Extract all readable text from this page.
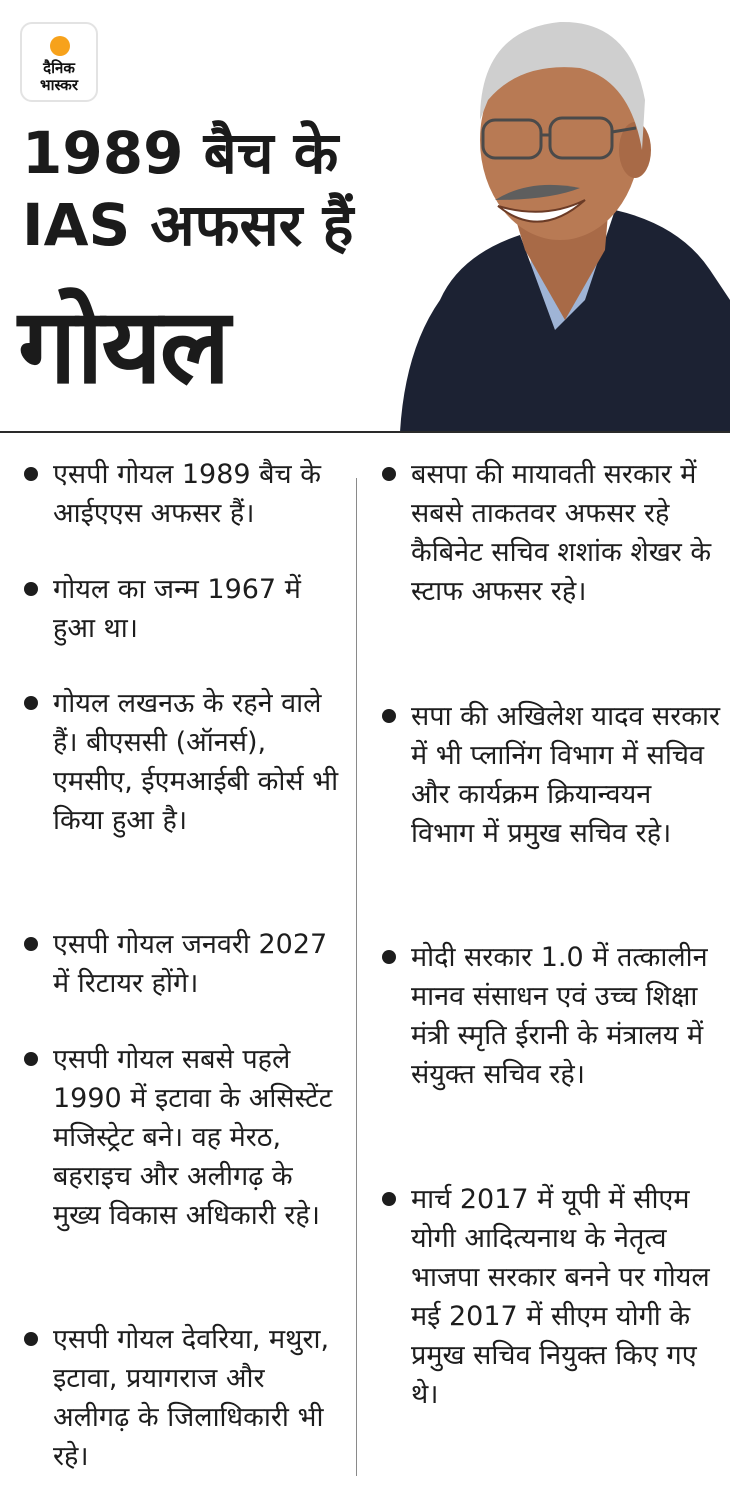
दैनिक
भास्कर
1989 बैच के
IAS अफसर हैं
गोयल
एसपी गोयल 1989 बैच के आईएएस अफसर हैं।
गोयल का जन्म 1967 में हुआ था।
गोयल लखनऊ के रहने वाले हैं। बीएससी (ऑनर्स), एमसीए, ईएमआईबी कोर्स भी किया हुआ है।
एसपी गोयल जनवरी 2027 में रिटायर होंगे।
एसपी गोयल सबसे पहले 1990 में इटावा के असिस्टेंट मजिस्ट्रेट बने। वह मेरठ, बहराइच और अलीगढ़ के मुख्य विकास अधिकारी रहे।
एसपी गोयल देवरिया, मथुरा, इटावा, प्रयागराज और अलीगढ़ के जिलाधिकारी भी रहे।
बसपा की मायावती सरकार में सबसे ताकतवर अफसर रहे कैबिनेट सचिव शशांक शेखर के स्टाफ अफसर रहे।
सपा की अखिलेश यादव सरकार में भी प्लानिंग विभाग में सचिव और कार्यक्रम क्रियान्वयन विभाग में प्रमुख सचिव रहे।
मोदी सरकार 1.0 में तत्कालीन मानव संसाधन एवं उच्च शिक्षा मंत्री स्मृति ईरानी के मंत्रालय में संयुक्त सचिव रहे।
मार्च 2017 में यूपी में सीएम योगी आदित्यनाथ के नेतृत्व भाजपा सरकार बनने पर गोयल मई 2017 में सीएम योगी के प्रमुख सचिव नियुक्त किए गए थे।
